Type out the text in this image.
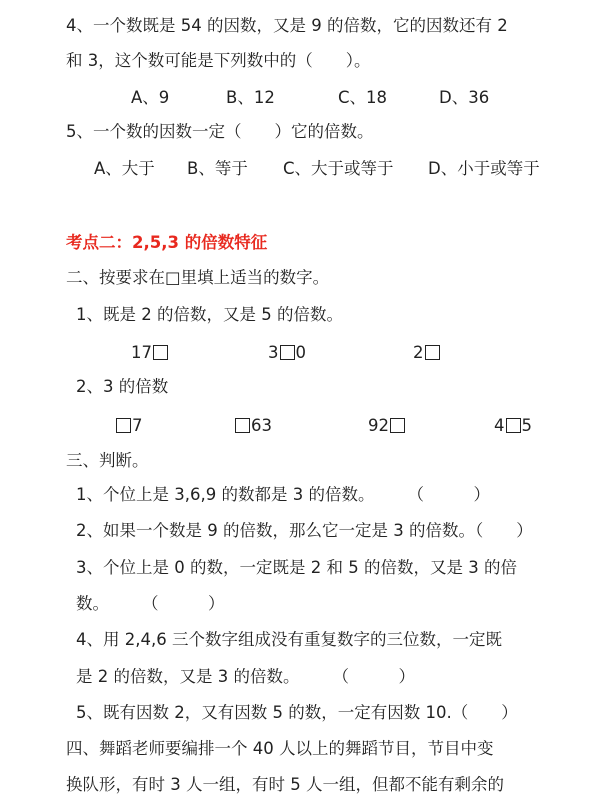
4、一个数既是 54 的因数，又是 9 的倍数，它的因数还有 2
和 3，这个数可能是下列数中的（　　）。
A、9	B、12	C、18	D、36
5、一个数的因数一定（　　）它的倍数。
A、大于 B、等于 C、大于或等于 D、小于或等于
考点二：2,5,3 的倍数特征
二、按要求在□里填上适当的数字。
1、既是 2 的倍数，又是 5 的倍数。
17	3 0	2
2、3 的倍数
7	63	92	4 5
三、判断。
1、个位上是 3,6,9 的数都是 3 的倍数。　　　（　　　）
2、如果一个数是 9 的倍数，那么它一定是 3 的倍数。（　　）
3、个位上是 0 的数，一定既是 2 和 5 的倍数，又是 3 的倍
数。　　　（　　　）
4、用 2,4,6 三个数字组成没有重复数字的三位数，一定既
是 2 的倍数，又是 3 的倍数。　　　（　　　）
5、既有因数 2，又有因数 5 的数，一定有因数 10.（　　）
四、舞蹈老师要编排一个 40 人以上的舞蹈节目，节目中变
换队形，有时 3 人一组，有时 5 人一组，但都不能有剩余的
